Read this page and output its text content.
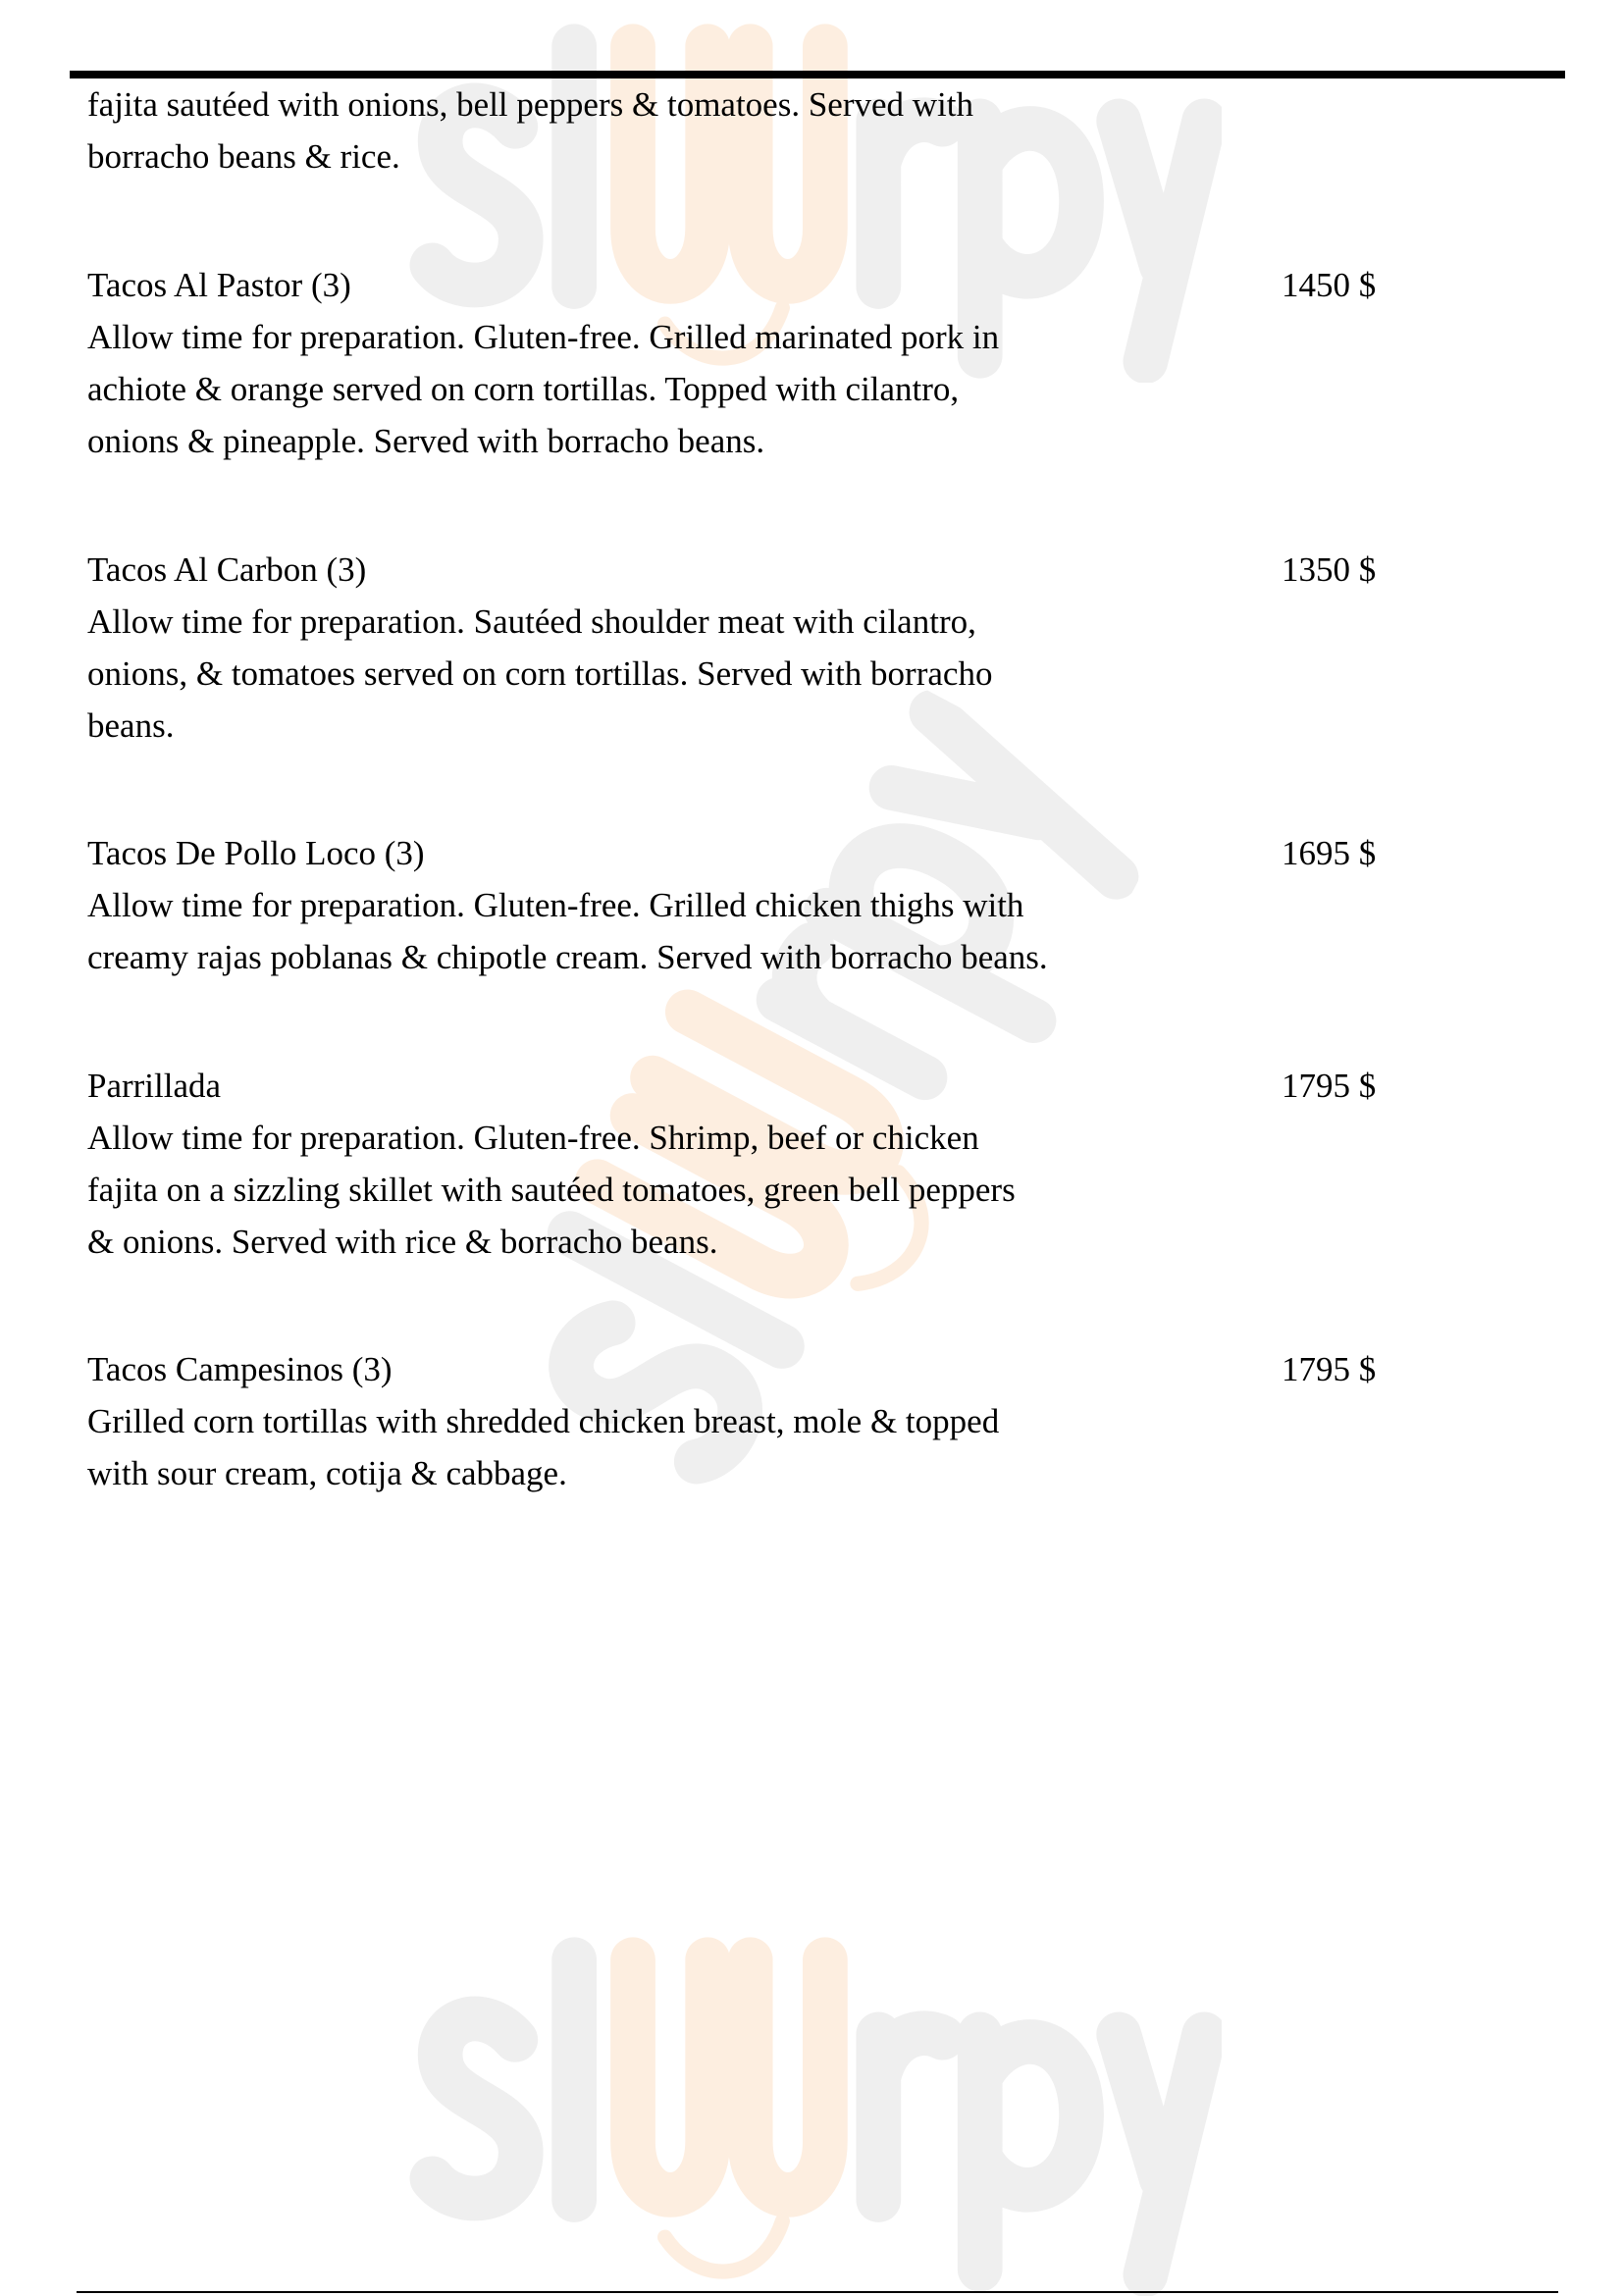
fajita sautéed with onions, bell peppers & tomatoes. Served with
borracho beans & rice.
Tacos Al Pastor (3)	1450 $
Allow time for preparation. Gluten-free. Grilled marinated pork in
achiote & orange served on corn tortillas. Topped with cilantro,
onions & pineapple. Served with borracho beans.
Tacos Al Carbon (3)	1350 $
Allow time for preparation. Sautéed shoulder meat with cilantro,
onions, & tomatoes served on corn tortillas. Served with borracho
beans.
Tacos De Pollo Loco (3)	1695 $
Allow time for preparation. Gluten-free. Grilled chicken thighs with
creamy rajas poblanas & chipotle cream. Served with borracho beans.
Parrillada	1795 $
Allow time for preparation. Gluten-free. Shrimp, beef or chicken
fajita on a sizzling skillet with sautéed tomatoes, green bell peppers
& onions. Served with rice & borracho beans.
Tacos Campesinos (3)	1795 $
Grilled corn tortillas with shredded chicken breast, mole & topped
with sour cream, cotija & cabbage.
